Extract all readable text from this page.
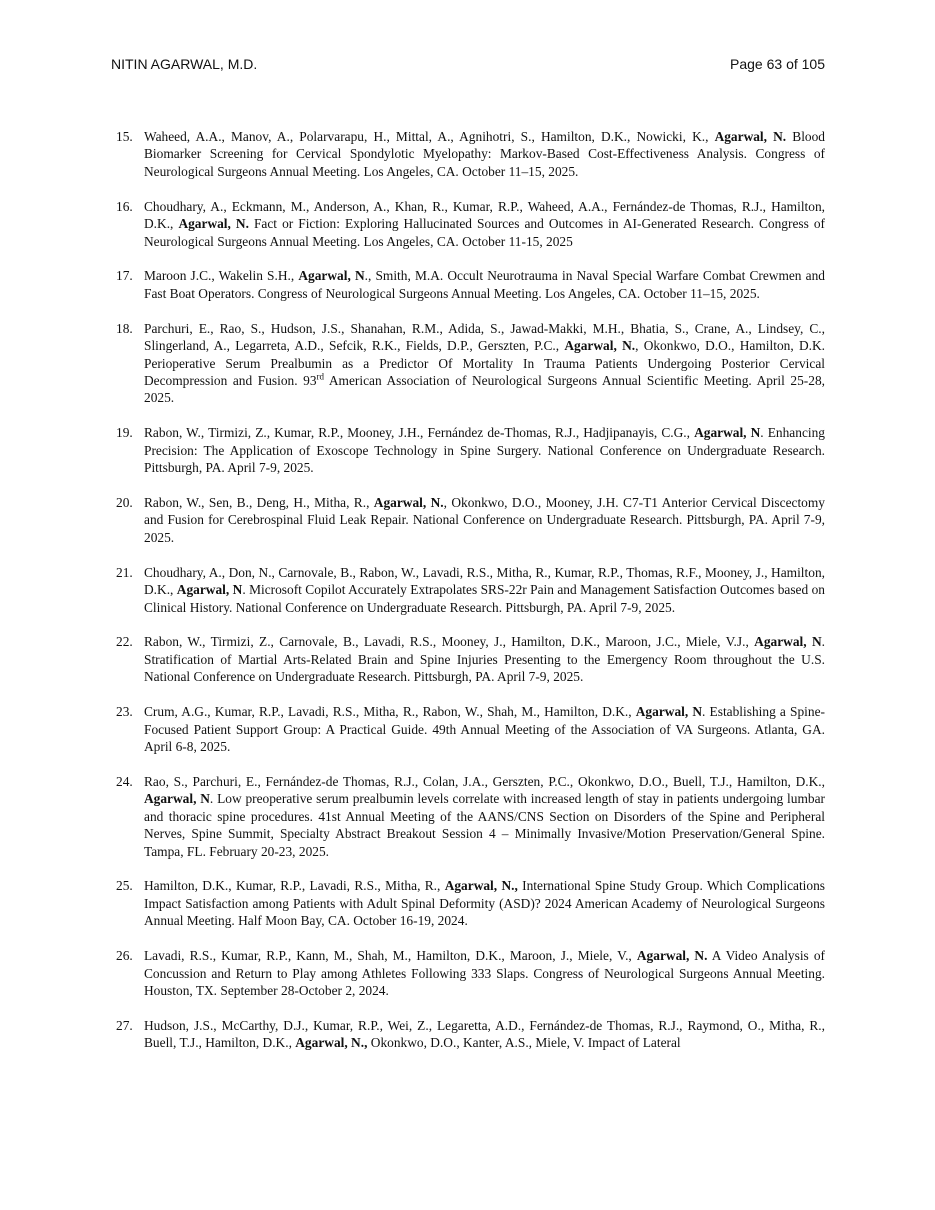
NITIN AGARWAL, M.D.	Page 63 of 105
15. Waheed, A.A., Manov, A., Polarvarapu, H., Mittal, A., Agnihotri, S., Hamilton, D.K., Nowicki, K., Agarwal, N. Blood Biomarker Screening for Cervical Spondylotic Myelopathy: Markov-Based Cost-Effectiveness Analysis. Congress of Neurological Surgeons Annual Meeting. Los Angeles, CA. October 11–15, 2025.
16. Choudhary, A., Eckmann, M., Anderson, A., Khan, R., Kumar, R.P., Waheed, A.A., Fernández-de Thomas, R.J., Hamilton, D.K., Agarwal, N. Fact or Fiction: Exploring Hallucinated Sources and Outcomes in AI-Generated Research. Congress of Neurological Surgeons Annual Meeting. Los Angeles, CA. October 11-15, 2025
17. Maroon J.C., Wakelin S.H., Agarwal, N., Smith, M.A. Occult Neurotrauma in Naval Special Warfare Combat Crewmen and Fast Boat Operators. Congress of Neurological Surgeons Annual Meeting. Los Angeles, CA. October 11–15, 2025.
18. Parchuri, E., Rao, S., Hudson, J.S., Shanahan, R.M., Adida, S., Jawad-Makki, M.H., Bhatia, S., Crane, A., Lindsey, C., Slingerland, A., Legarreta, A.D., Sefcik, R.K., Fields, D.P., Gerszten, P.C., Agarwal, N., Okonkwo, D.O., Hamilton, D.K. Perioperative Serum Prealbumin as a Predictor Of Mortality In Trauma Patients Undergoing Posterior Cervical Decompression and Fusion. 93rd American Association of Neurological Surgeons Annual Scientific Meeting. April 25-28, 2025.
19. Rabon, W., Tirmizi, Z., Kumar, R.P., Mooney, J.H., Fernández de-Thomas, R.J., Hadjipanayis, C.G., Agarwal, N. Enhancing Precision: The Application of Exoscope Technology in Spine Surgery. National Conference on Undergraduate Research. Pittsburgh, PA. April 7-9, 2025.
20. Rabon, W., Sen, B., Deng, H., Mitha, R., Agarwal, N., Okonkwo, D.O., Mooney, J.H. C7-T1 Anterior Cervical Discectomy and Fusion for Cerebrospinal Fluid Leak Repair. National Conference on Undergraduate Research. Pittsburgh, PA. April 7-9, 2025.
21. Choudhary, A., Don, N., Carnovale, B., Rabon, W., Lavadi, R.S., Mitha, R., Kumar, R.P., Thomas, R.F., Mooney, J., Hamilton, D.K., Agarwal, N. Microsoft Copilot Accurately Extrapolates SRS-22r Pain and Management Satisfaction Outcomes based on Clinical History. National Conference on Undergraduate Research. Pittsburgh, PA. April 7-9, 2025.
22. Rabon, W., Tirmizi, Z., Carnovale, B., Lavadi, R.S., Mooney, J., Hamilton, D.K., Maroon, J.C., Miele, V.J., Agarwal, N. Stratification of Martial Arts-Related Brain and Spine Injuries Presenting to the Emergency Room throughout the U.S. National Conference on Undergraduate Research. Pittsburgh, PA. April 7-9, 2025.
23. Crum, A.G., Kumar, R.P., Lavadi, R.S., Mitha, R., Rabon, W., Shah, M., Hamilton, D.K., Agarwal, N. Establishing a Spine-Focused Patient Support Group: A Practical Guide. 49th Annual Meeting of the Association of VA Surgeons. Atlanta, GA. April 6-8, 2025.
24. Rao, S., Parchuri, E., Fernández-de Thomas, R.J., Colan, J.A., Gerszten, P.C., Okonkwo, D.O., Buell, T.J., Hamilton, D.K., Agarwal, N. Low preoperative serum prealbumin levels correlate with increased length of stay in patients undergoing lumbar and thoracic spine procedures. 41st Annual Meeting of the AANS/CNS Section on Disorders of the Spine and Peripheral Nerves, Spine Summit, Specialty Abstract Breakout Session 4 – Minimally Invasive/Motion Preservation/General Spine. Tampa, FL. February 20-23, 2025.
25. Hamilton, D.K., Kumar, R.P., Lavadi, R.S., Mitha, R., Agarwal, N., International Spine Study Group. Which Complications Impact Satisfaction among Patients with Adult Spinal Deformity (ASD)? 2024 American Academy of Neurological Surgeons Annual Meeting. Half Moon Bay, CA. October 16-19, 2024.
26. Lavadi, R.S., Kumar, R.P., Kann, M., Shah, M., Hamilton, D.K., Maroon, J., Miele, V., Agarwal, N. A Video Analysis of Concussion and Return to Play among Athletes Following 333 Slaps. Congress of Neurological Surgeons Annual Meeting. Houston, TX. September 28-October 2, 2024.
27. Hudson, J.S., McCarthy, D.J., Kumar, R.P., Wei, Z., Legaretta, A.D., Fernández-de Thomas, R.J., Raymond, O., Mitha, R., Buell, T.J., Hamilton, D.K., Agarwal, N., Okonkwo, D.O., Kanter, A.S., Miele, V. Impact of Lateral
